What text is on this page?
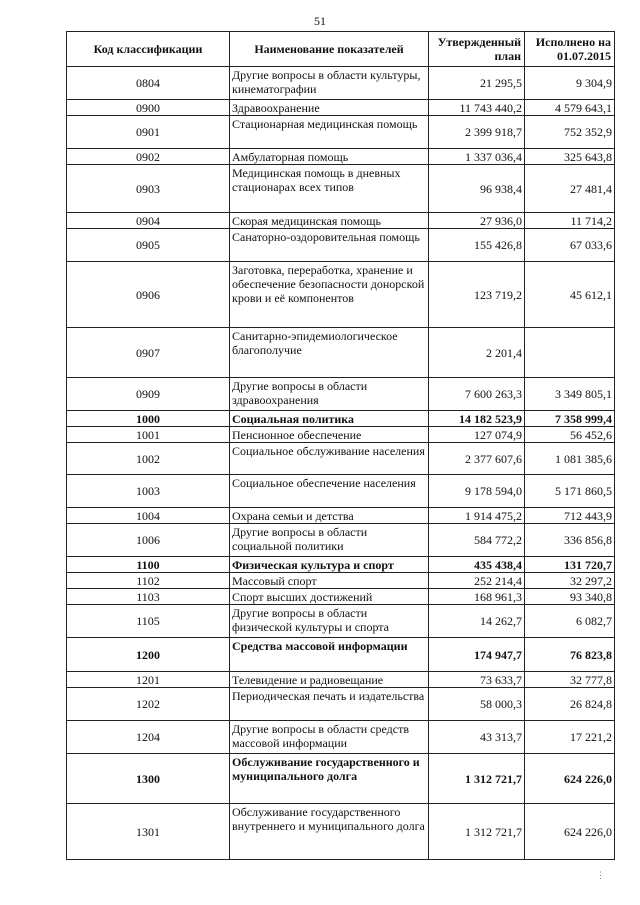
51
Код классификации	Наименование показателей	Утвержденный план	Исполнено на 01.07.2015
0804	Другие вопросы в области культуры, кинематографии	21 295,5	9 304,9
0900	Здравоохранение	11 743 440,2	4 579 643,1
0901	Стационарная медицинская помощь	2 399 918,7	752 352,9
0902	Амбулаторная помощь	1 337 036,4	325 643,8
0903	Медицинская помощь в дневных стационарах всех типов	96 938,4	27 481,4
0904	Скорая медицинская помощь	27 936,0	11 714,2
0905	Санаторно-оздоровительная помощь	155 426,8	67 033,6
0906	Заготовка, переработка, хранение и обеспечение безопасности донорской крови и её компонентов	123 719,2	45 612,1
0907	Санитарно-эпидемиологическое благополучие	2 201,4	
0909	Другие вопросы в области здравоохранения	7 600 263,3	3 349 805,1
1000	Социальная политика	14 182 523,9	7 358 999,4
1001	Пенсионное обеспечение	127 074,9	56 452,6
1002	Социальное обслуживание населения	2 377 607,6	1 081 385,6
1003	Социальное обеспечение населения	9 178 594,0	5 171 860,5
1004	Охрана семьи и детства	1 914 475,2	712 443,9
1006	Другие вопросы в области социальной политики	584 772,2	336 856,8
1100	Физическая культура и спорт	435 438,4	131 720,7
1102	Массовый спорт	252 214,4	32 297,2
1103	Спорт высших достижений	168 961,3	93 340,8
1105	Другие вопросы в области физической культуры и спорта	14 262,7	6 082,7
1200	Средства массовой информации	174 947,7	76 823,8
1201	Телевидение и радиовещание	73 633,7	32 777,8
1202	Периодическая печать и издательства	58 000,3	26 824,8
1204	Другие вопросы в области средств массовой информации	43 313,7	17 221,2
1300	Обслуживание государственного и муниципального долга	1 312 721,7	624 226,0
1301	Обслуживание государственного внутреннего и муниципального долга	1 312 721,7	624 226,0
⋮
